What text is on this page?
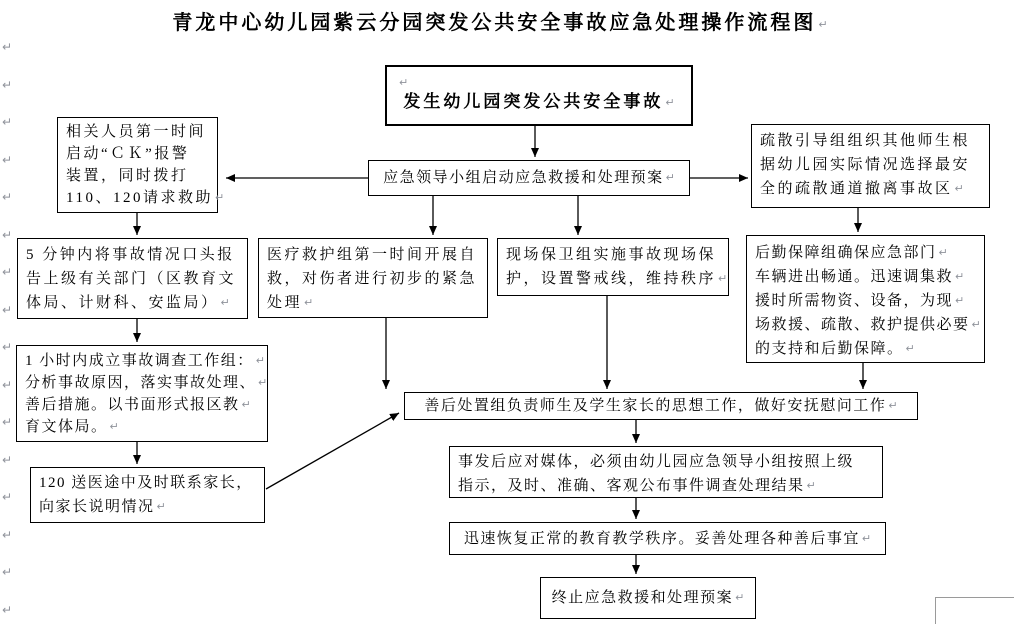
青龙中心幼儿园紫云分园突发公共安全事故应急处理操作流程图 ↵
↵
↵
↵
↵
↵
↵
↵
↵
↵
↵
↵
↵
↵
↵
↵
↵
↵
发生幼儿园突发公共安全事故 ↵
应急领导小组启动应急救援和处理预案 ↵
相关人员第一时间
启动“ＣＫ”报警
装置，同时拨打
110、120请求救助 ↵
疏散引导组组织其他师生根
据幼儿园实际情况选择最安
全的疏散通道撤离事故区 ↵
5 分钟内将事故情况口头报
告上级有关部门（区教育文
体局、计财科、安监局） ↵
医疗救护组第一时间开展自
救，对伤者进行初步的紧急
处理 ↵
现场保卫组实施事故现场保
护，设置警戒线，维持秩序 ↵
后勤保障组确保应急部门 ↵
车辆进出畅通。迅速调集救 ↵
援时所需物资、设备，为现 ↵
场救援、疏散、救护提供必要 ↵
的支持和后勤保障。 ↵
1 小时内成立事故调查工作组： ↵
分析事故原因，落实事故处理、 ↵
善后措施。以书面形式报区教 ↵
育文体局。 ↵
120 送医途中及时联系家长，
向家长说明情况 ↵
善后处置组负责师生及学生家长的思想工作，做好安抚慰问工作 ↵
事发后应对媒体，必须由幼儿园应急领导小组按照上级
指示，及时、准确、客观公布事件调查处理结果 ↵
迅速恢复正常的教育教学秩序。妥善处理各种善后事宜 ↵
终止应急救援和处理预案 ↵
